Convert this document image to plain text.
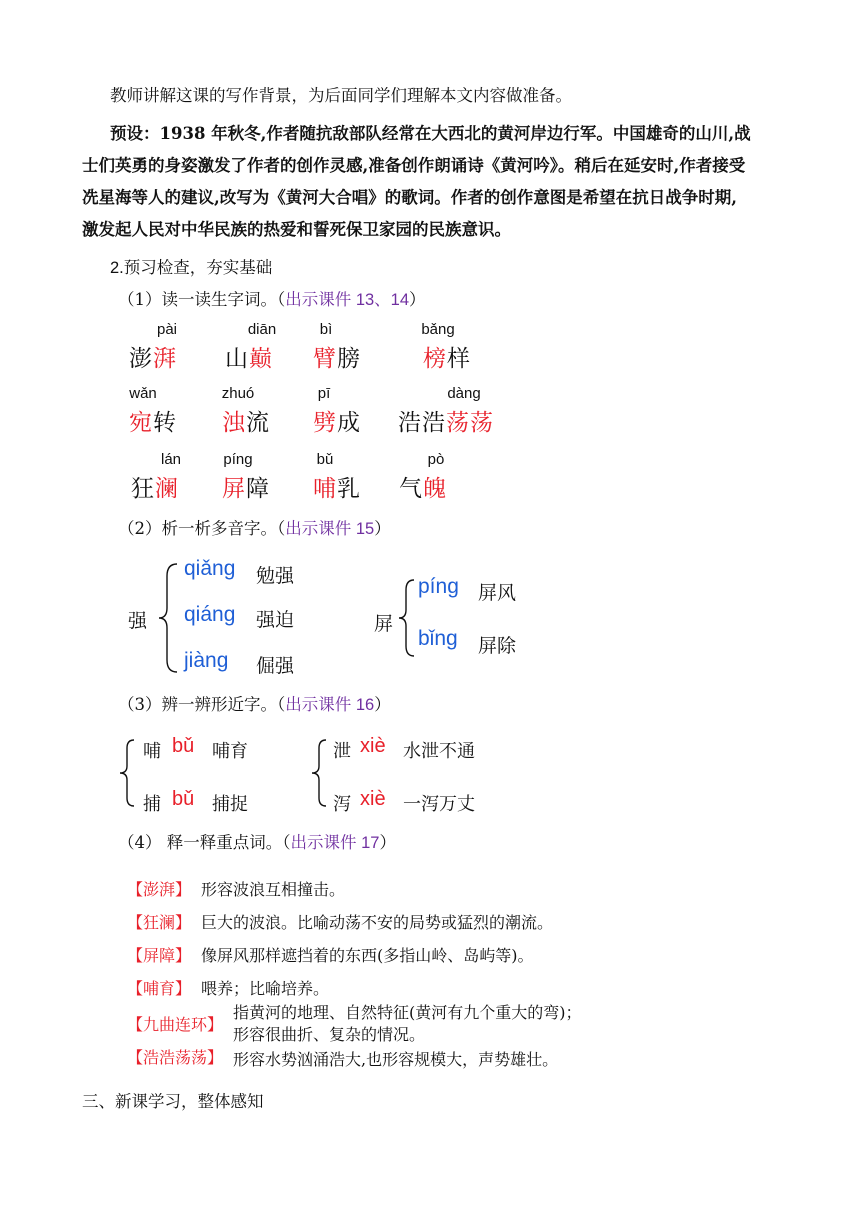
教师讲解这课的写作背景，为后面同学们理解本文内容做准备。
预设：1938 年秋冬,作者随抗敌部队经常在大西北的黄河岸边行军。中国雄奇的山川,战
士们英勇的身姿激发了作者的创作灵感,准备创作朗诵诗《黄河吟》。稍后在延安时,作者接受
冼星海等人的建议,改写为《黄河大合唱》的歌词。作者的创作意图是希望在抗日战争时期,
激发起人民对中华民族的热爱和誓死保卫家园的民族意识。
2.预习检查，夯实基础
（1）读一读生字词。（出示课件 13、14）
pài
澎湃
diān
山巅
bì
臂膀
bǎng
榜样
wǎn
宛转
zhuó
浊流
pī
劈成
dàng
浩浩荡荡
lán
狂澜
píng
屏障
bǔ
哺乳
pò
气魄
（2）析一析多音字。（出示课件 15）
强
qiǎng 勉强
qiáng 强迫
jiàng 倔强
屏
píng 屏风
bǐng 屏除
（3）辨一辨形近字。（出示课件 16）
哺 bǔ 哺育
捕 bǔ 捕捉
泄 xiè 水泄不通
泻 xiè 一泻万丈
（4） 释一释重点词。（出示课件 17）
【澎湃】 形容波浪互相撞击。
【狂澜】 巨大的波浪。比喻动荡不安的局势或猛烈的潮流。
【屏障】 像屏风那样遮挡着的东西(多指山岭、岛屿等)。
【哺育】 喂养；比喻培养。
【九曲连环】
指黄河的地理、自然特征(黄河有九个重大的弯)；
形容很曲折、复杂的情况。
【浩浩荡荡】 形容水势汹涌浩大,也形容规模大，声势雄壮。
三、新课学习，整体感知
